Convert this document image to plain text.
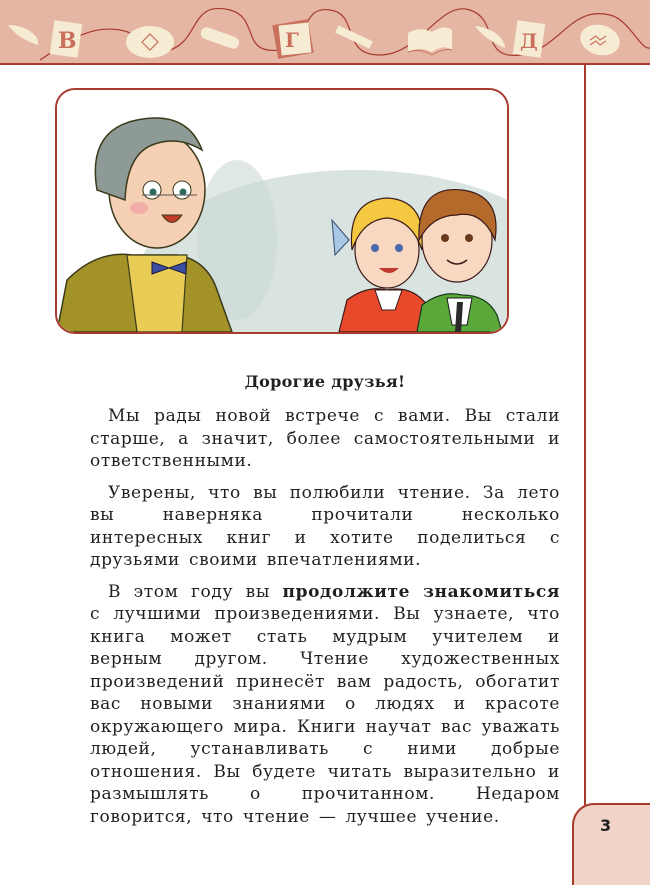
В	Г	Д

Дорогие друзья!

Мы рады новой встрече с вами. Вы стали старше, а значит, более самостоятельными и ответственными.

Уверены, что вы полюбили чтение. За лето вы наверняка прочитали несколько интересных книг и хотите поделиться с друзьями своими впечатлениями.

В этом году вы продолжите знакомиться с лучшими произведениями. Вы узнаете, что книга может стать мудрым учителем и верным другом. Чтение художественных произведений принесёт вам радость, обогатит вас новыми знаниями о людях и красоте окружающего мира. Книги научат вас уважать людей, устанавливать с ними добрые отношения. Вы будете читать выразительно и размышлять о прочитанном. Недаром говорится, что чтение — лучшее учение.	3
